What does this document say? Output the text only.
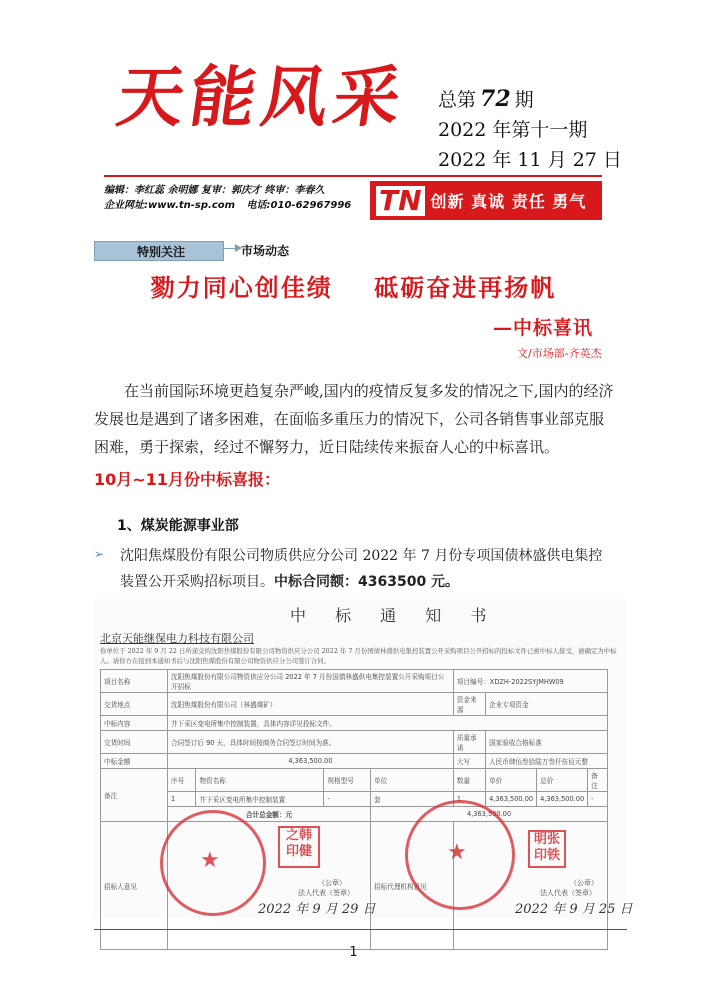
天能风采 总第 72 期
2022 年第十一期
2022 年 11 月 27 日
编辑：李红蕊 余明娜 复审：郭庆才 终审：李春久
企业网址:www.tn-sp.com 电话:010-62967996 TN 创新 真诚 责任 勇气
特别关注	市场动态
勠力同心创佳绩    砥砺奋进再扬帆
—中标喜讯
文/市场部-齐英杰
在当前国际环境更趋复杂严峻,国内的疫情反复多发的情况之下,国内的经济发展也是遇到了诸多困难，在面临多重压力的情况下，公司各销售事业部克服困难，勇于探索，经过不懈努力，近日陆续传来振奋人心的中标喜讯。
10月~11月份中标喜报：
1、煤炭能源事业部
➢ 沈阳焦煤股份有限公司物质供应分公司 2022 年 7 月份专项国债林盛供电集控装置公开采购招标项目。中标合同额：4363500 元。
中 标 通 知 书
北京天能继保电力科技有限公司
你单位于 2022 年 9 月 22 日所递交的沈阳焦煤股份有限公司物资供应分公司 2022 年 7 月份国债林盛供电集控装置公开采购项目公开招标的投标文件已被中标人接受，被确定为中标人。请你方在接到本通知书后与沈阳焦煤股份有限公司物资供应分公司签订合同。
项目名称	沈阳焦煤股份有限公司物资供应分公司 2022 年 7 月份国债林盛供电集控装置公开采购项目公开招标				项目编号：XDZH-2022SYJMHW09			
交货地点	沈阳焦煤股份有限公司（林盛煤矿）				资金来源	企业专项资金		
中标内容	井下采区变电所集中控制装置，具体内容详见投标文件。							
交货时间	合同签订后 90 天，具体时间按商务合同签订时间为准。				质量承诺	国家验收合格标准		
中标金额	4,363,500.00				大写	人民币肆佰叁拾陆万叁仟伍佰元整		
备注	序号	物资名称	规格型号	单位	数量	单价	总价	备注
	1	井下采区变电所集中控制装置	-	套	1	4,363,500.00	4,363,500.00	-
	合计总金额：元			4,363,500.00				
招标人意见				招标代理机构意见				
★
之韩印健
（公章）
法人代表（签章）
2022 年 9 月 29 日
★
明张印铁
（公章）
法人代表（签章）
2022 年 9 月 25 日
1
